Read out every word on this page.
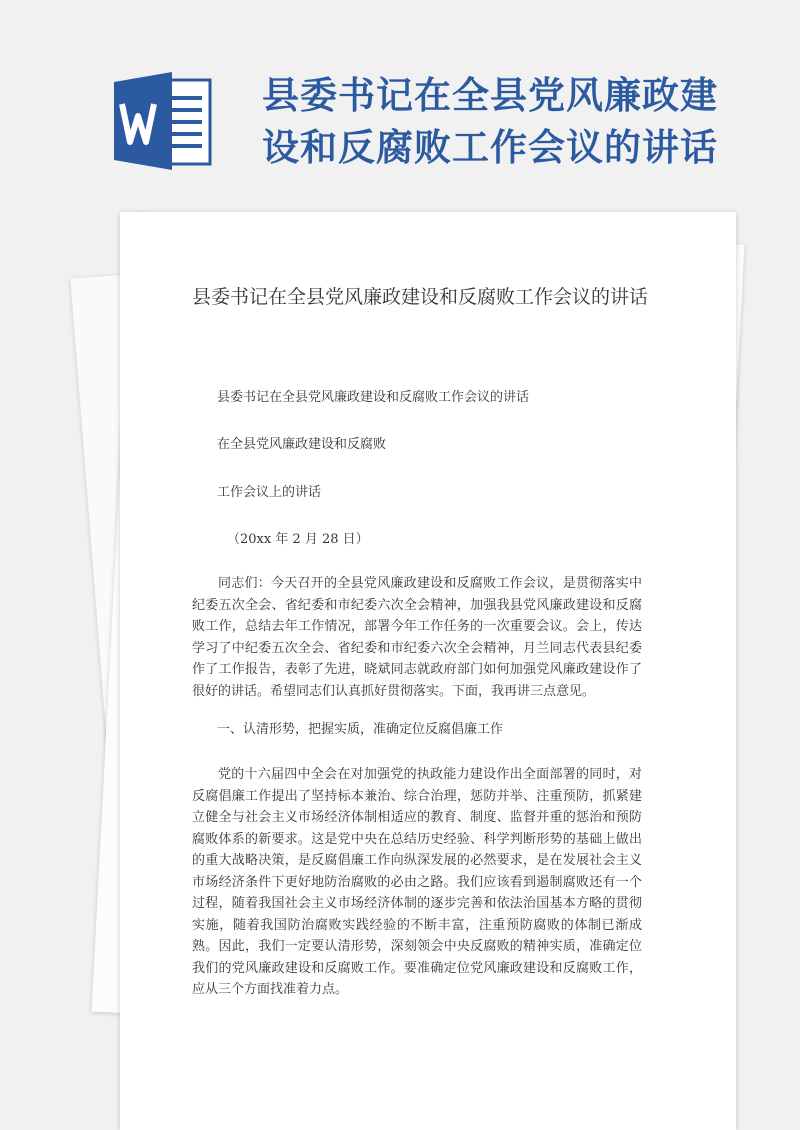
县委书记在全县党风廉政建设和反腐败工作会议的讲话
县委书记在全县党风廉政建设和反腐败工作会议的讲话
县委书记在全县党风廉政建设和反腐败工作会议的讲话
在全县党风廉政建设和反腐败
工作会议上的讲话
（20xx 年 2 月 28 日）
同志们：今天召开的全县党风廉政建设和反腐败工作会议，是贯彻落实中纪委五次全会、省纪委和市纪委六次全会精神，加强我县党风廉政建设和反腐败工作，总结去年工作情况，部署今年工作任务的一次重要会议。会上，传达学习了中纪委五次全会、省纪委和市纪委六次全会精神，月兰同志代表县纪委作了工作报告，表彰了先进，晓斌同志就政府部门如何加强党风廉政建设作了很好的讲话。希望同志们认真抓好贯彻落实。下面，我再讲三点意见。
一、认清形势，把握实质，准确定位反腐倡廉工作
党的十六届四中全会在对加强党的执政能力建设作出全面部署的同时，对反腐倡廉工作提出了坚持标本兼治、综合治理，惩防并举、注重预防，抓紧建立健全与社会主义市场经济体制相适应的教育、制度、监督并重的惩治和预防腐败体系的新要求。这是党中央在总结历史经验、科学判断形势的基础上做出的重大战略决策，是反腐倡廉工作向纵深发展的必然要求，是在发展社会主义市场经济条件下更好地防治腐败的必由之路。我们应该看到遏制腐败还有一个过程，随着我国社会主义市场经济体制的逐步完善和依法治国基本方略的贯彻实施，随着我国防治腐败实践经验的不断丰富，注重预防腐败的体制已渐成熟。因此，我们一定要认清形势，深刻领会中央反腐败的精神实质，准确定位我们的党风廉政建设和反腐败工作。要准确定位党风廉政建设和反腐败工作，应从三个方面找准着力点。
